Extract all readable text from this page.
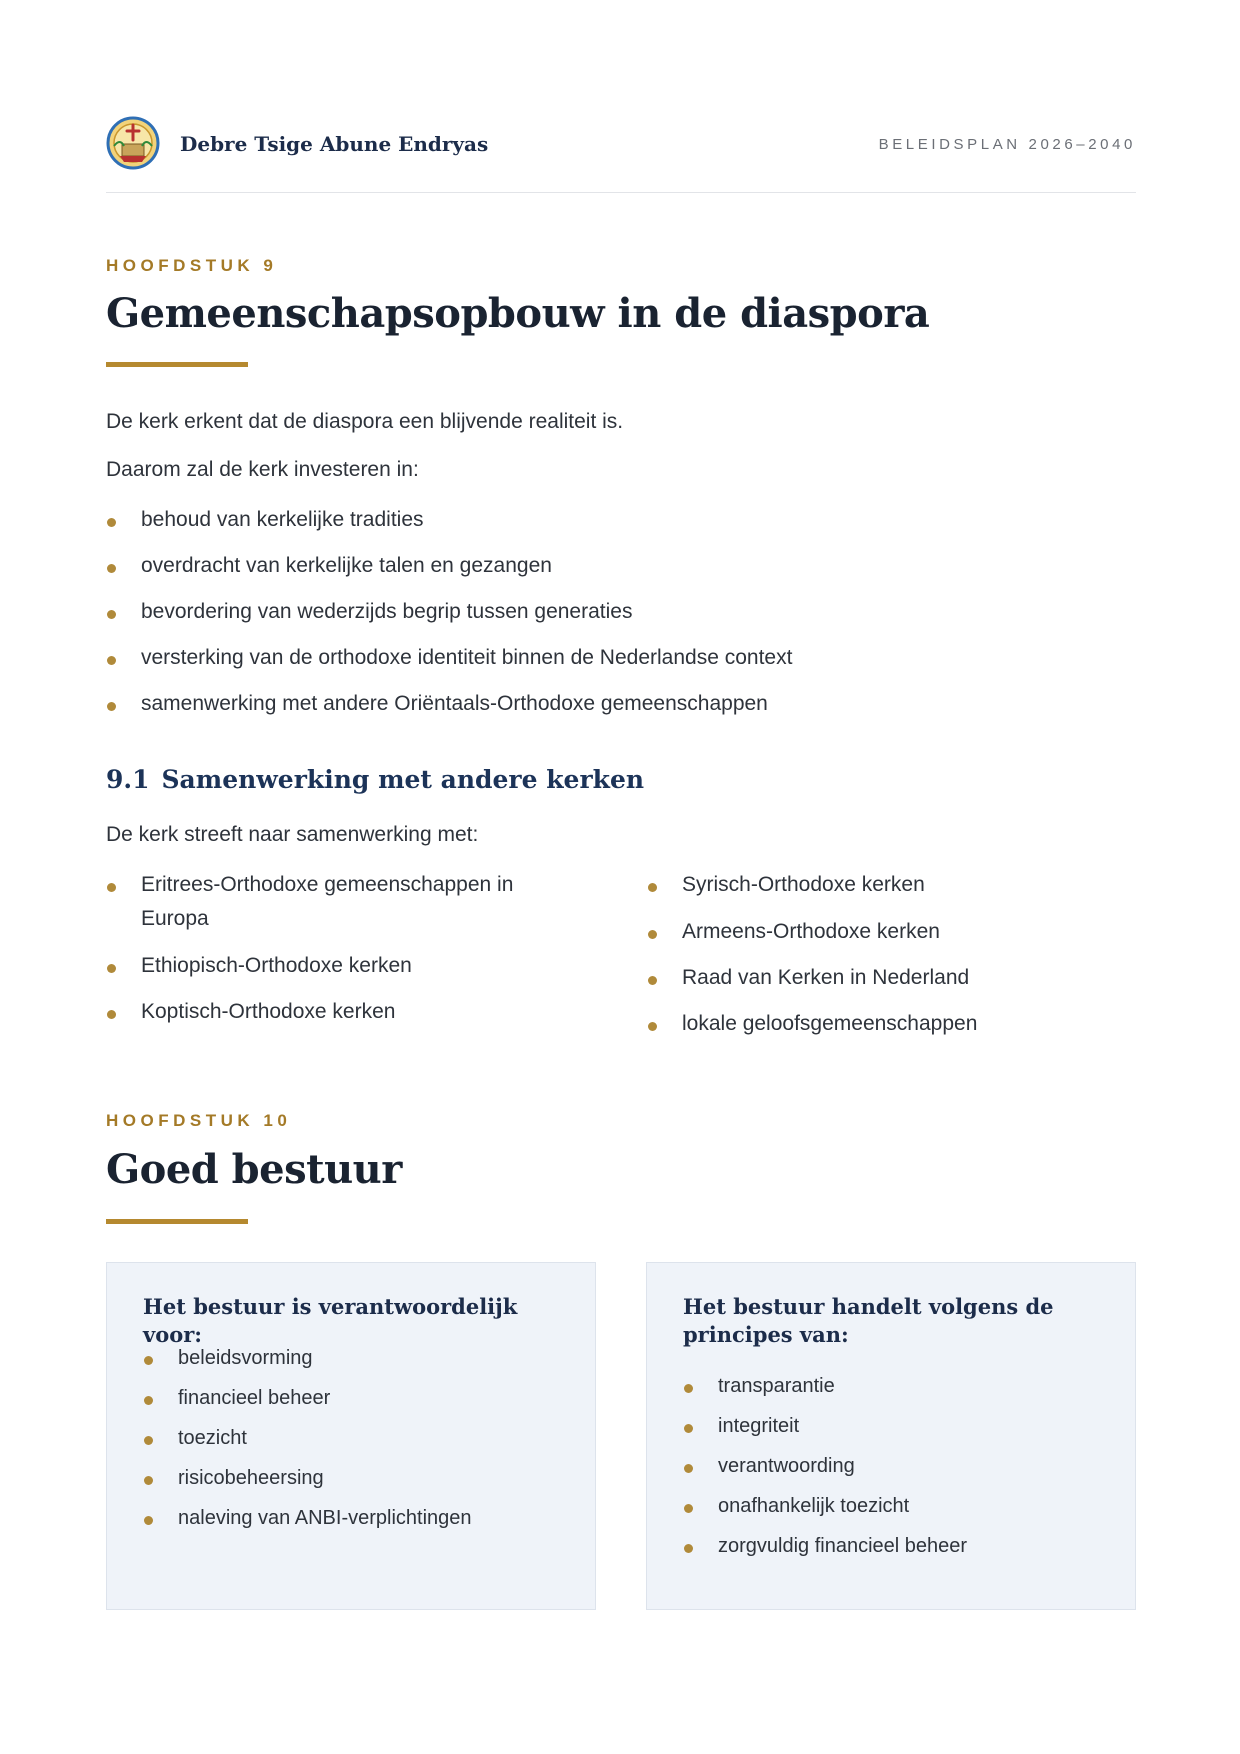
Debre Tsige Abune Endryas	BELEIDSPLAN 2026–2040
HOOFDSTUK 9
Gemeenschapsopbouw in de diaspora

De kerk erkent dat de diaspora een blijvende realiteit is.

Daarom zal de kerk investeren in:

behoud van kerkelijke tradities
overdracht van kerkelijke talen en gezangen
bevordering van wederzijds begrip tussen generaties
versterking van de orthodoxe identiteit binnen de Nederlandse context
samenwerking met andere Oriëntaals-Orthodoxe gemeenschappen
9.1 Samenwerking met andere kerken

De kerk streeft naar samenwerking met:

Eritrees-Orthodoxe gemeenschappen in Europa
Ethiopisch-Orthodoxe kerken
Koptisch-Orthodoxe kerken
Syrisch-Orthodoxe kerken
Armeens-Orthodoxe kerken
Raad van Kerken in Nederland
lokale geloofsgemeenschappen
HOOFDSTUK 10
Goed bestuur
Het bestuur is verantwoordelijk voor:
beleidsvorming
financieel beheer
toezicht
risicobeheersing
naleving van ANBI-verplichtingen
Het bestuur handelt volgens de principes van:
transparantie
integriteit
verantwoording
onafhankelijk toezicht
zorgvuldig financieel beheer
